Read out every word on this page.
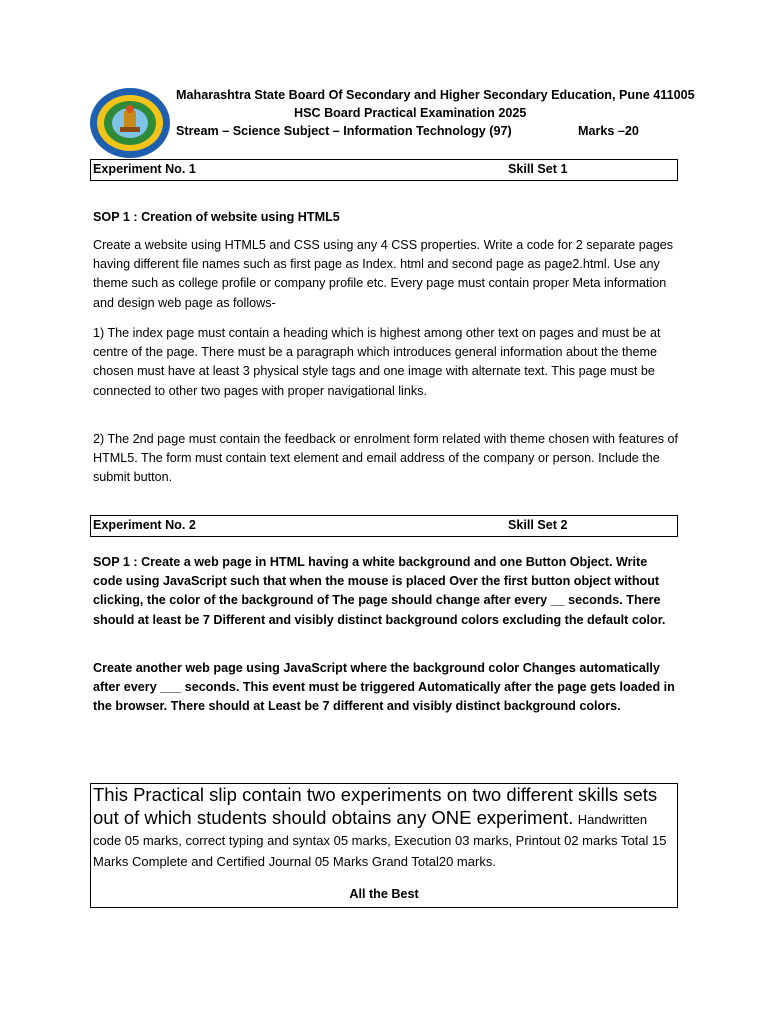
Maharashtra State Board Of Secondary and Higher Secondary Education, Pune 411005
HSC Board Practical Examination 2025
Stream – Science Subject – Information Technology (97)	Marks –20
Experiment No. 1	Skill Set 1
SOP 1 : Creation of website using HTML5
Create a website using HTML5 and CSS using any 4 CSS properties. Write a code for 2 separate pages having different file names such as first page as Index. html and second page as page2.html. Use any theme such as college profile or company profile etc. Every page must contain proper Meta information and design web page as follows-
1) The index page must contain a heading which is highest among other text on pages and must be at centre of the page. There must be a paragraph which introduces general information about the theme chosen must have at least 3 physical style tags and one image with alternate text. This page must be connected to other two pages with proper navigational links.
2) The 2nd page must contain the feedback or enrolment form related with theme chosen with features of HTML5. The form must contain text element and email address of the company or person. Include the submit button.
Experiment No. 2	Skill Set 2
SOP 1 : Create a web page in HTML having a white background and one Button Object. Write code using JavaScript such that when the mouse is placed Over the first button object without clicking, the color of the background of The page should change after every __ seconds. There should at least be 7 Different and visibly distinct background colors excluding the default color.
Create another web page using JavaScript where the background color Changes automatically after every ___ seconds. This event must be triggered Automatically after the page gets loaded in the browser. There should at Least be 7 different and visibly distinct background colors.
This Practical slip contain two experiments on two different skills sets out of which students should obtains any ONE experiment. Handwritten code 05 marks, correct typing and syntax 05 marks, Execution 03 marks, Printout 02 marks Total 15 Marks Complete and Certified Journal 05 Marks Grand Total20 marks.
All the Best
